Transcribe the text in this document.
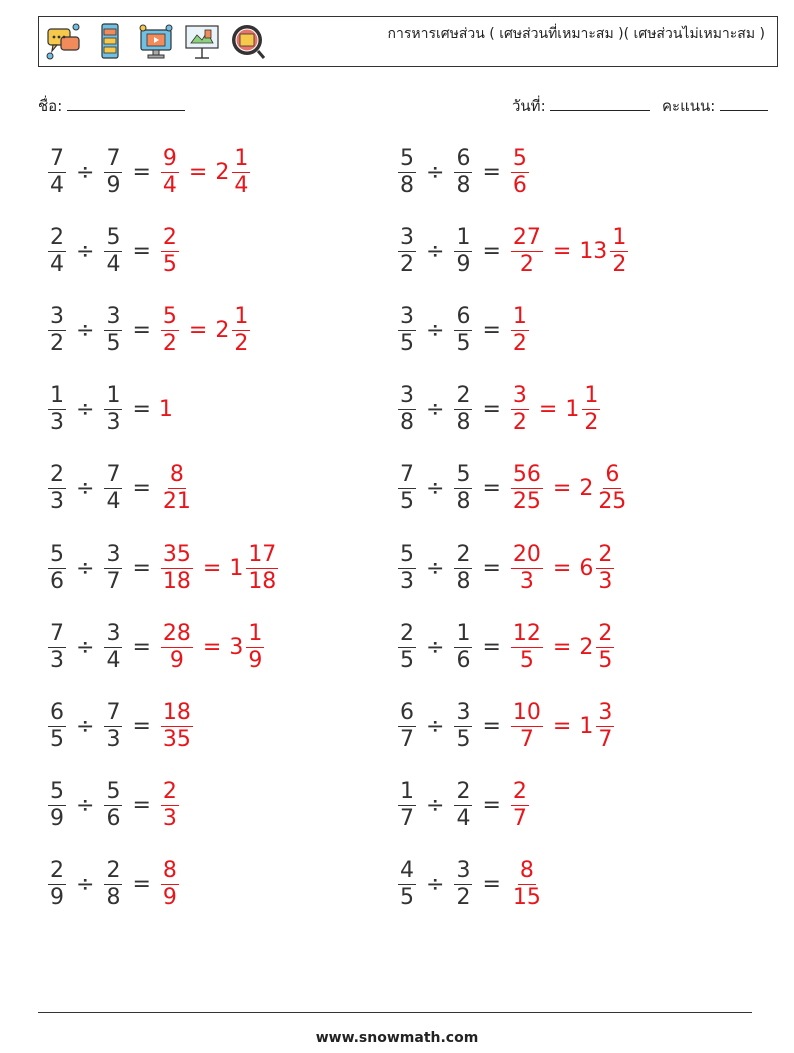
การหารเศษส่วน ( เศษส่วนที่เหมาะสม )( เศษส่วนไม่เหมาะสม )
ชื่อ:	วันที่:	คะแนน:
$\frac{7}{4} \div \frac{7}{9} = \frac{9}{4} = 2 \frac{1}{4}$	$\frac{5}{8} \div \frac{6}{8} = \frac{5}{6}$
$\frac{2}{4} \div \frac{5}{4} = \frac{2}{5}$	$\frac{3}{2} \div \frac{1}{9} = \frac{27}{2} = 13 \frac{1}{2}$
$\frac{3}{2} \div \frac{3}{5} = \frac{5}{2} = 2 \frac{1}{2}$	$\frac{3}{5} \div \frac{6}{5} = \frac{1}{2}$
$\frac{1}{3} \div \frac{1}{3} = 1$	$\frac{3}{8} \div \frac{2}{8} = \frac{3}{2} = 1 \frac{1}{2}$
$\frac{2}{3} \div \frac{7}{4} = \frac{8}{21}$	$\frac{7}{5} \div \frac{5}{8} = \frac{56}{25} = 2 \frac{6}{25}$
$\frac{5}{6} \div \frac{3}{7} = \frac{35}{18} = 1 \frac{17}{18}$	$\frac{5}{3} \div \frac{2}{8} = \frac{20}{3} = 6 \frac{2}{3}$
$\frac{7}{3} \div \frac{3}{4} = \frac{28}{9} = 3 \frac{1}{9}$	$\frac{2}{5} \div \frac{1}{6} = \frac{12}{5} = 2 \frac{2}{5}$
$\frac{6}{5} \div \frac{7}{3} = \frac{18}{35}$	$\frac{6}{7} \div \frac{3}{5} = \frac{10}{7} = 1 \frac{3}{7}$
$\frac{5}{9} \div \frac{5}{6} = \frac{2}{3}$	$\frac{1}{7} \div \frac{2}{4} = \frac{2}{7}$
$\frac{2}{9} \div \frac{2}{8} = \frac{8}{9}$	$\frac{4}{5} \div \frac{3}{2} = \frac{8}{15}$
www.snowmath.com
